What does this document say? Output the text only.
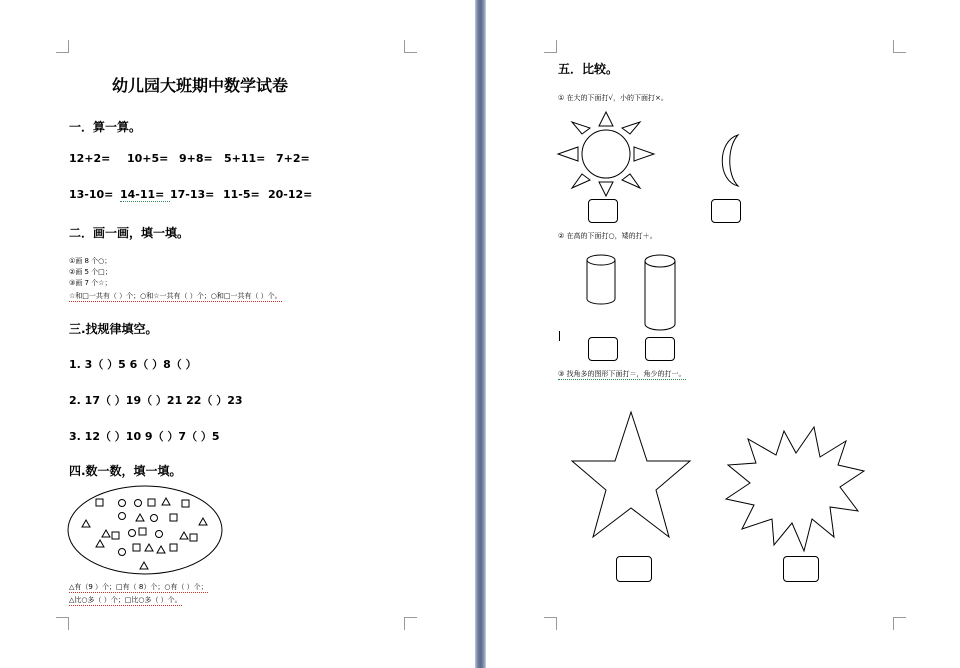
幼儿园大班期中数学试卷
一．算一算。
12+2= 10+5= 9+8= 5+11= 7+2=
13-10= 14-11= 17-13= 11-5= 20-12=
二．画一画，填一填。
①画 8 个○；
②画 5 个□；
③画 7 个☆；
☆和□一共有（ ）个；○和☆一共有（ ）个；○和□一共有（ ）个。
三.找规律填空。
1. 3（ ）5 6（ ）8（ ）
2. 17（ ）19（ ）21 22（ ）23
3. 12（ ）10 9（ ）7（ ）5
四.数一数，填一填。
△有（9 ）个；□有（ 8）个；○有（ ）个；
△比○多（ ）个；□比○多（ ）个。
五．比较。
① 在大的下面打√，小的下面打×。
② 在高的下面打○，矮的打＋。
③ 找角多的图形下面打＝，角少的打一。
